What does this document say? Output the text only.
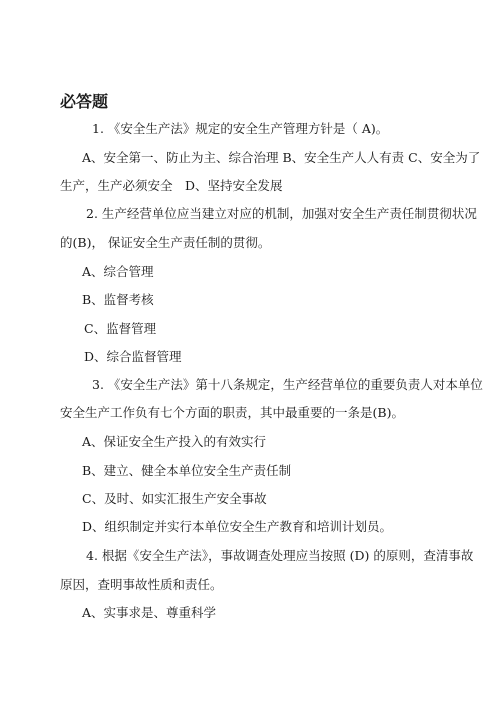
必答题
1. 《安全生产法》规定的安全生产管理方针是（ A)。
A、安全第一、防止为主、综合治理 B、安全生产人人有责 C、安全为了
生产，生产必须安全　D、坚持安全发展
2. 生产经营单位应当建立对应的机制，加强对安全生产责任制贯彻状况
的(B)， 保证安全生产责任制的贯彻。
A、综合管理
B、监督考核
C、监督管理
D、综合监督管理
3. 《安全生产法》第十八条规定，生产经营单位的重要负责人对本单位
安全生产工作负有七个方面的职责，其中最重要的一条是(B)。
A、保证安全生产投入的有效实行
B、建立、健全本单位安全生产责任制
C、及时、如实汇报生产安全事故
D、组织制定并实行本单位安全生产教育和培训计划员。
4. 根据《安全生产法》，事故调查处理应当按照 (D) 的原则，查清事故
原因，查明事故性质和责任。
A、实事求是、尊重科学
